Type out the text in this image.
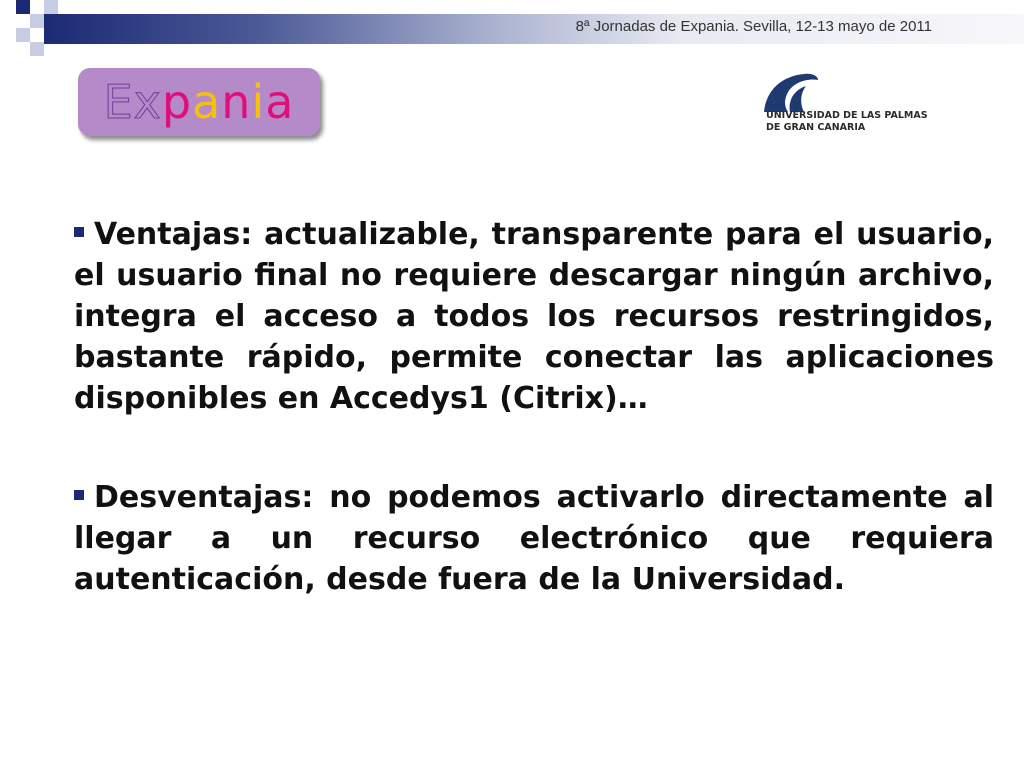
8ª Jornadas de Expania. Sevilla, 12-13 mayo de 2011
E x p a n i a	UNIVERSIDAD DE LAS PALMAS
DE GRAN CANARIA

Ventajas: actualizable, transparente para el usuario, el usuario final no requiere descargar ningún archivo, integra el acceso a todos los recursos restringidos, bastante rápido, permite conectar las aplicaciones disponibles en Accedys1 (Citrix)…

Desventajas: no podemos activarlo directamente al llegar a un recurso electrónico que requiera autenticación, desde fuera de la Universidad.
